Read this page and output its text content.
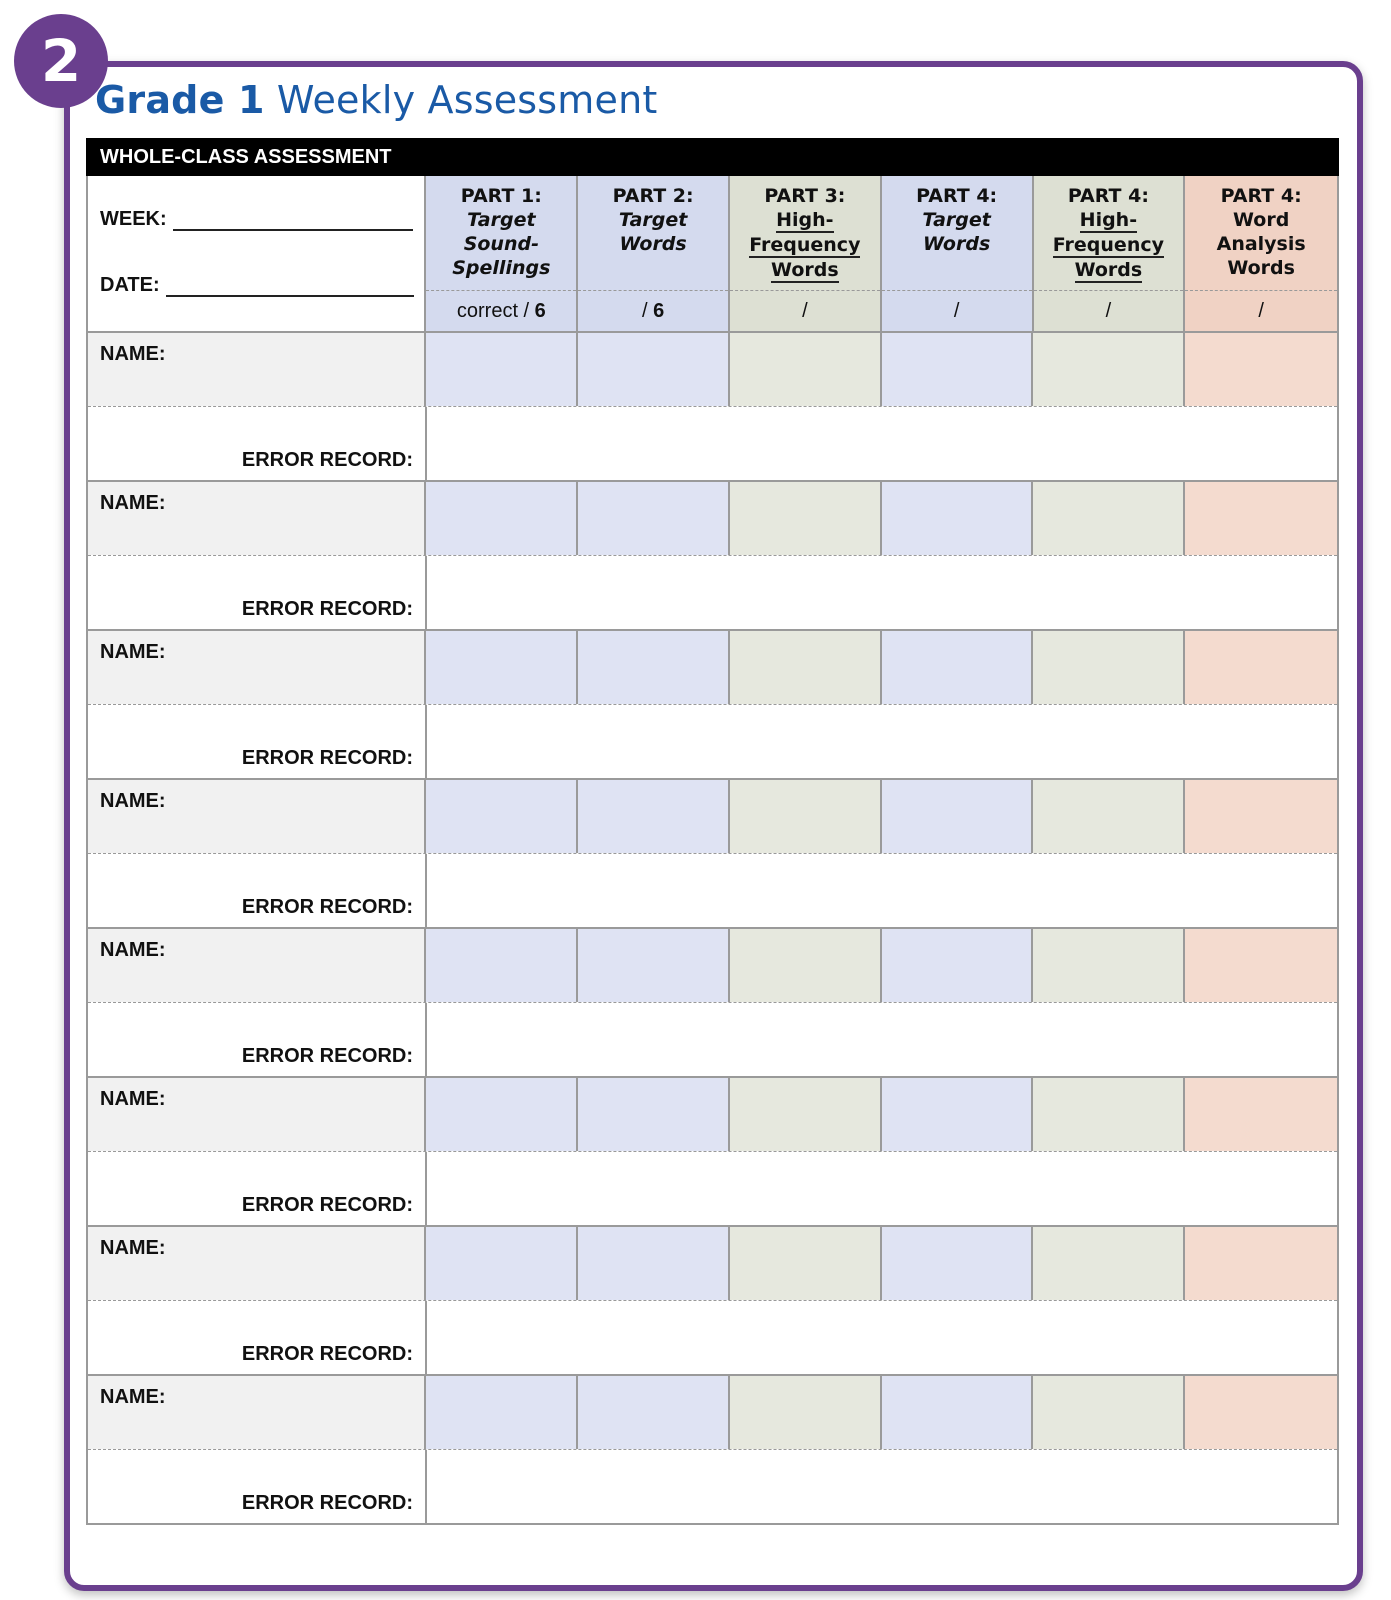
2
Grade 1 Weekly Assessment
WHOLE-CLASS ASSESSMENT
WEEK:
DATE:
PART 1:
Target
Sound-
Spellings
correct / 6
PART 2:
Target
Words
/ 6
PART 3:
High-
Frequency
Words
/
PART 4:
Target
Words
/
PART 4:
High-
Frequency
Words
/
PART 4:
Word
Analysis
Words
/
NAME:
ERROR RECORD:
NAME:
ERROR RECORD:
NAME:
ERROR RECORD:
NAME:
ERROR RECORD:
NAME:
ERROR RECORD:
NAME:
ERROR RECORD:
NAME:
ERROR RECORD:
NAME:
ERROR RECORD:
